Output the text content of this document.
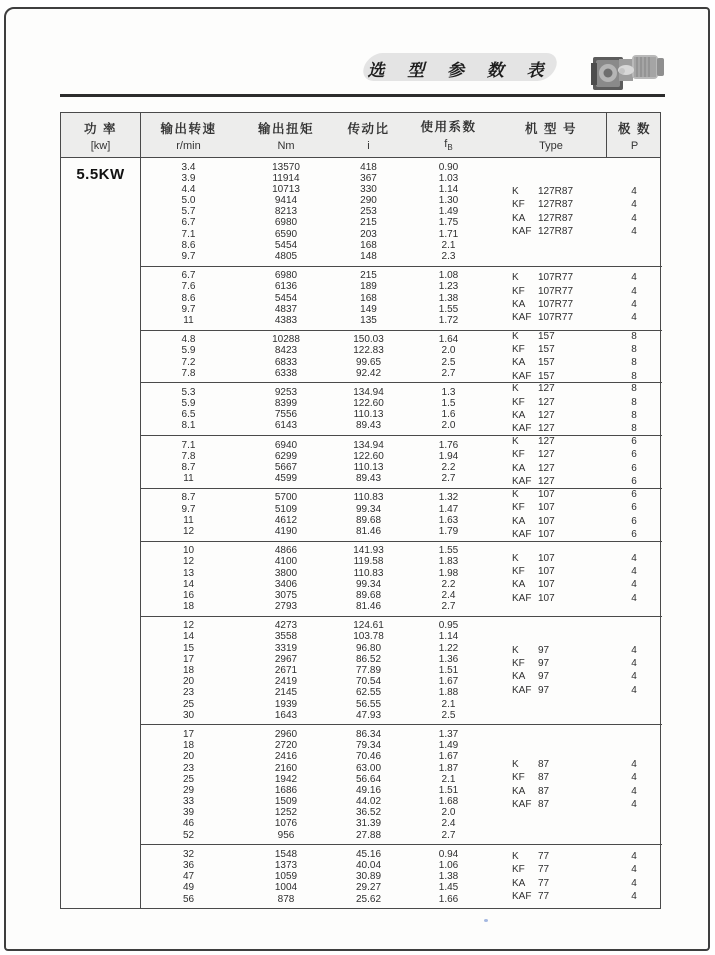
选 型 参 数 表
功 率
[kw]
输出转速
r/min
输出扭矩
Nm
传动比
i
使用系数
$f_B$
机 型 号
Type
极 数
P
5.5KW	3.4	13570	418	0.90
3.9	11914	367	1.03
4.4	10713	330	1.14
5.0	9414	290	1.30
5.7	8213	253	1.49
6.7	6980	215	1.75
7.1	6590	203	1.71
8.6	5454	168	2.1
9.7	4805	148	2.3
K 127R87	4
KF 127R87	4
KA 127R87	4
KAF 127R87	4
6.7	6980	215	1.08
7.6	6136	189	1.23
8.6	5454	168	1.38
9.7	4837	149	1.55
11	4383	135	1.72
K 107R77	4
KF 107R77	4
KA 107R77	4
KAF 107R77	4
4.8	10288	150.03	1.64
5.9	8423	122.83	2.0
7.2	6833	99.65	2.5
7.8	6338	92.42	2.7
K 157	8
KF 157	8
KA 157	8
KAF 157	8
5.3	9253	134.94	1.3
5.9	8399	122.60	1.5
6.5	7556	110.13	1.6
8.1	6143	89.43	2.0
K 127	8
KF 127	8
KA 127	8
KAF 127	8
7.1	6940	134.94	1.76
7.8	6299	122.60	1.94
8.7	5667	110.13	2.2
11	4599	89.43	2.7
K 127	6
KF 127	6
KA 127	6
KAF 127	6
8.7	5700	110.83	1.32
9.7	5109	99.34	1.47
11	4612	89.68	1.63
12	4190	81.46	1.79
K 107	6
KF 107	6
KA 107	6
KAF 107	6
10	4866	141.93	1.55
12	4100	119.58	1.83
13	3800	110.83	1.98
14	3406	99.34	2.2
16	3075	89.68	2.4
18	2793	81.46	2.7
K 107	4
KF 107	4
KA 107	4
KAF 107	4
12	4273	124.61	0.95
14	3558	103.78	1.14
15	3319	96.80	1.22
17	2967	86.52	1.36
18	2671	77.89	1.51
20	2419	70.54	1.67
23	2145	62.55	1.88
25	1939	56.55	2.1
30	1643	47.93	2.5
K 97	4
KF 97	4
KA 97	4
KAF 97	4
17	2960	86.34	1.37
18	2720	79.34	1.49
20	2416	70.46	1.67
23	2160	63.00	1.87
25	1942	56.64	2.1
29	1686	49.16	1.51
33	1509	44.02	1.68
39	1252	36.52	2.0
46	1076	31.39	2.4
52	956	27.88	2.7
K 87	4
KF 87	4
KA 87	4
KAF 87	4
32	1548	45.16	0.94
36	1373	40.04	1.06
47	1059	30.89	1.38
49	1004	29.27	1.45
56	878	25.62	1.66
K 77	4
KF 77	4
KA 77	4
KAF 77	4
